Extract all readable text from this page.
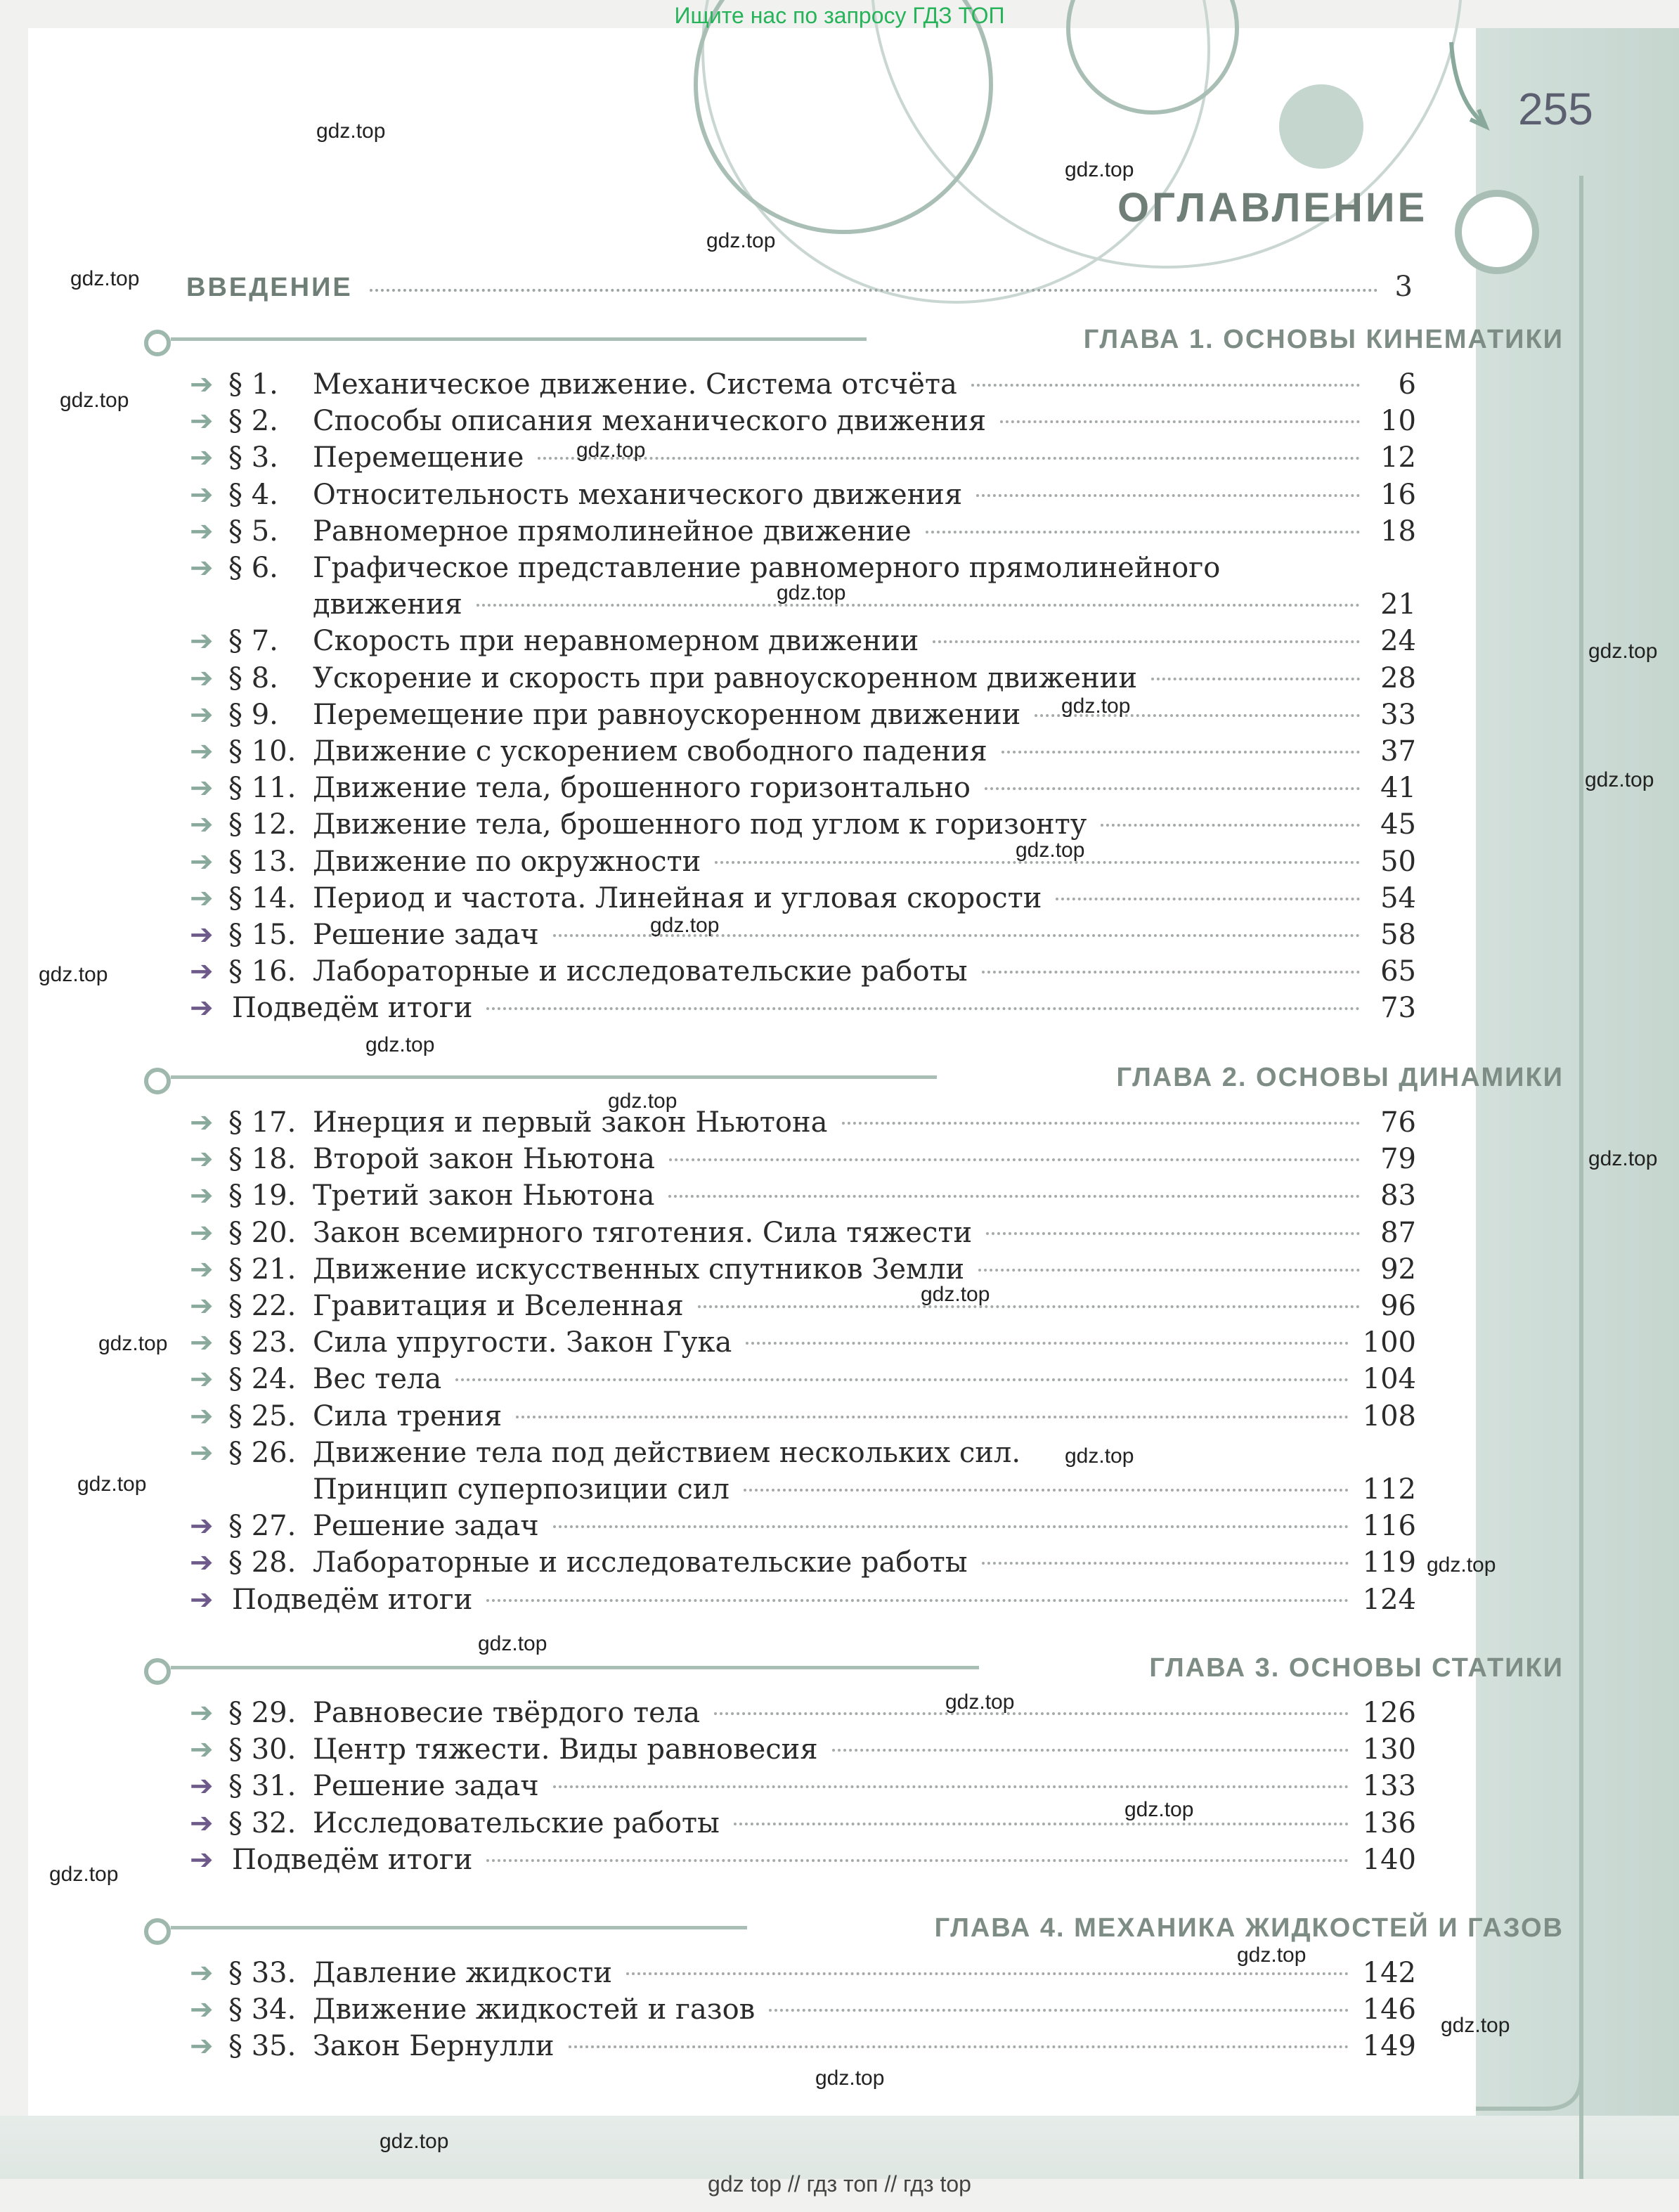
Ищите нас по запросу ГДЗ ТОП
255
ОГЛАВЛЕНИЕ
ВВЕДЕНИЕ	3
ГЛАВА 1. ОСНОВЫ КИНЕМАТИКИ
➔ § 1. Механическое движение. Система отсчёта	6
➔ § 2. Способы описания механического движения	10
➔ § 3. Перемещение	12
➔ § 4. Относительность механического движения	16
➔ § 5. Равномерное прямолинейное движение	18
➔ § 6. Графическое представление равномерного прямолинейного
движения	21
➔ § 7. Скорость при неравномерном движении	24
➔ § 8. Ускорение и скорость при равноускоренном движении	28
➔ § 9. Перемещение при равноускоренном движении	33
➔ § 10. Движение с ускорением свободного падения	37
➔ § 11. Движение тела, брошенного горизонтально	41
➔ § 12. Движение тела, брошенного под углом к горизонту	45
➔ § 13. Движение по окружности	50
➔ § 14. Период и частота. Линейная и угловая скорости	54
➔ § 15. Решение задач	58
➔ § 16. Лабораторные и исследовательские работы	65
➔ Подведём итоги	73
ГЛАВА 2. ОСНОВЫ ДИНАМИКИ
➔ § 17. Инерция и первый закон Ньютона	76
➔ § 18. Второй закон Ньютона	79
➔ § 19. Третий закон Ньютона	83
➔ § 20. Закон всемирного тяготения. Сила тяжести	87
➔ § 21. Движение искусственных спутников Земли	92
➔ § 22. Гравитация и Вселенная	96
➔ § 23. Сила упругости. Закон Гука	100
➔ § 24. Вес тела	104
➔ § 25. Сила трения	108
➔ § 26. Движение тела под действием нескольких сил.
Принцип суперпозиции сил	112
➔ § 27. Решение задач	116
➔ § 28. Лабораторные и исследовательские работы	119
➔ Подведём итоги	124
ГЛАВА 3. ОСНОВЫ СТАТИКИ
➔ § 29. Равновесие твёрдого тела	126
➔ § 30. Центр тяжести. Виды равновесия	130
➔ § 31. Решение задач	133
➔ § 32. Исследовательские работы	136
➔ Подведём итоги	140
ГЛАВА 4. МЕХАНИКА ЖИДКОСТЕЙ И ГАЗОВ
➔ § 33. Давление жидкости	142
➔ § 34. Движение жидкостей и газов	146
➔ § 35. Закон Бернулли	149
gdz.top
gdz.top
gdz.top
gdz.top
gdz.top
gdz.top
gdz.top
gdz.top
gdz.top
gdz.top
gdz.top
gdz.top
gdz.top
gdz.top
gdz.top
gdz.top
gdz.top
gdz.top
gdz.top
gdz.top
gdz.top
gdz.top
gdz.top
gdz.top
gdz.top
gdz.top
gdz.top
gdz.top
gdz.top
gdz top // гдз топ // гдз top
